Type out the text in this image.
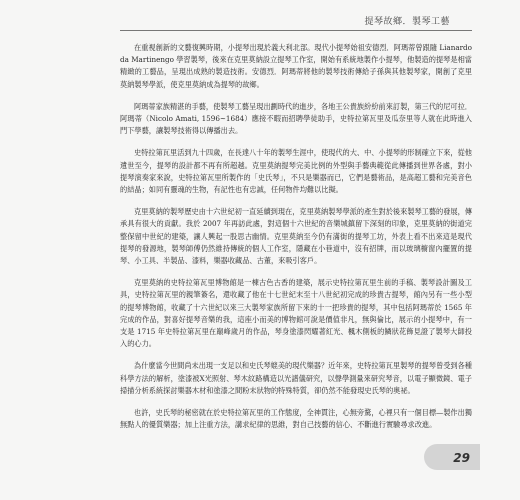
提琴故鄉．製琴工藝

在重視創新的文藝復興時期，小提琴出現於義大利北部。現代小提琴始祖安德烈．阿瑪蒂曾跟隨 Lianardo da Martinengo 學習製琴，後來在克里莫納設立提琴工作室，開始有系統地製作小提琴，他製造的提琴是相當精緻的工藝品，呈現出成熟的製造技術。安德烈．阿瑪蒂將他的製琴技術傳給子孫與其他製琴家，開創了克里莫納製琴學派，使克里莫納成為提琴的故鄉。

阿瑪蒂家族精湛的手藝，使製琴工藝呈現出劃時代的進步，各地王公貴族紛紛前來訂製，第三代的尼可拉．阿瑪蒂（Nicolo Amati, 1596~1684）應接不暇而招聘學徒助手，史特拉第瓦里及瓜奈里等人就在此時進入門下學藝，讓製琴技術得以傳播出去。

史特拉第瓦里活到九十四歲，在長達八十年的製琴生涯中，使現代的大、中、小提琴的形制確立下來，從他遺世至今，提琴的設計都不再有所超越。克里莫納提琴完美比例的外型與手藝典範從此傳播到世界各處，對小提琴演奏家來說，史特拉第瓦里所製作的「史氏琴」，不只是樂器而已，它們是藝術品，是高超工藝和完美音色的結晶；如同有靈魂的生物，有記性也有忠誠，任何物件均難以比擬。

克里莫納的製琴歷史由十六世紀初一直延續到現在，克里莫納製琴學派的產生對於後來製琴工藝的發展，傳承具有很大的貢獻。我於 2007 年再訪此處，對這個十六世紀的音樂城鎮留下深刻的印象，克里莫納的街道完整保留中世紀的建築，讓人興起一股思古幽情。克里莫納至今仍有滿街的提琴工坊，外表上看不出來這是現代提琴的發源地，製琴師傅仍然維持傳統的個人工作室，隱藏在小巷道中，沒有招牌，而以玻璃櫥窗內擺置的提琴、小工具、半製品、漆料，樂器收藏品、古董，來吸引客戶。

克里莫納的史特拉第瓦里博物館是一棟古色古香的建築，展示史特拉第瓦里生前的手稿、製琴設計圖及工具，史特拉第瓦里的親筆簽名，還收藏了他在十七世紀末至十八世紀初完成的珍貴古提琴，館內另有一些小型的提琴博物館，收藏了十六世紀以來三大製琴家族所留下來的十一把珍貴的提琴，其中包括阿瑪蒂於 1565 年完成的作品，對喜好提琴音樂的我，這座小而美的博物館可說是價值非凡，無與倫比，展示的小提琴中，有一支是 1715 年史特拉第瓦里在巔峰歲月的作品，琴身塗漆閃耀著紅光、楓木側板的鱗狀花飾見證了製琴大師投入的心力。

為什麼當今世間尚未出現一支足以和史氏琴媲美的現代樂器？近年來，史特拉第瓦里製琴的提琴曾受到各種科學方法的解析，塗漆被X光照射、琴木紋路構造以光譜儀研究，以聲學測量來研究琴音，以電子顯微鏡、電子掃描分析系統探討樂器木材和塗漆之間粉末狀物的特殊特質，卻仍然不能發現史氏琴的奧祕。

也許，史氏琴的秘密就在於史特拉第瓦里的工作態度，全神貫注，心無旁騖，心裡只有一個目標—製作出獨無點人的優質樂器；加上注重方法，講求紀律的思維，對自己技藝的信心、不斷進行實驗尋求改進。

29
